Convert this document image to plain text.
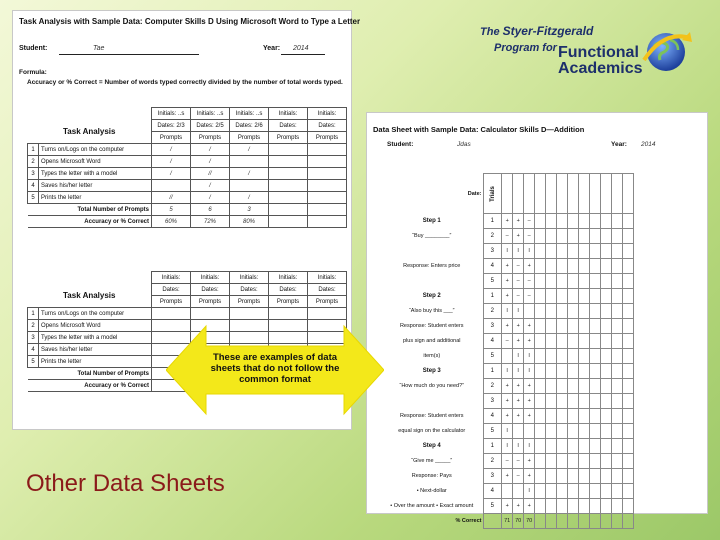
The Styer-Fitzgerald
Program for Functional
Academics
Task Analysis with Sample Data: Computer Skills D Using Microsoft Word to Type a Letter
Student:	Tae	Year: 2014
Formula:
Accuracy or % Correct = Number of words typed correctly divided by the number of total words typed.
		Initials: ..s	Initials: ..s	Initials: ..s	Initials:	Initials:
Task Analysis		Dates: 2/3	Dates: 2/5	Dates: 2/6	Dates:	Dates:
		Prompts	Prompts	Prompts	Prompts	Prompts
1	Turns on/Logs on the computer	/	/	/		
2	Opens Microsoft Word	/	/			
3	Types the letter with a model	/	//	/		
4	Saves his/her letter		/			
5	Prints the letter	//	/	/		
Total Number of Prompts		5	6	3		
Accuracy or % Correct		60%	72%	80%		
		Initials:	Initials:	Initials:	Initials:	Initials:
Task Analysis		Dates:	Dates:	Dates:	Dates:	Dates:
		Prompts	Prompts	Prompts	Prompts	Prompts
1	Turns on/Logs on the computer					
2	Opens Microsoft Word					
3	Types the letter with a model					
4	Saves his/her letter					
5	Prints the letter					
Total Number of Prompts						
Accuracy or % Correct						
Data Sheet with Sample Data: Calculator Skills D—Addition
Student:	Jdas	Year: 2014
Date:	Trials												
Step 1	1	+	+	–									
“Buy ________”	2	–	+	–									
	3	I	I	I									
Response: Enters price	4	+	–	+									
	5	+	–	–									
Step 2	1	+	–	–									
“Also buy this ___”	2	I	I										
Response: Student enters	3	+	+	+									
plus sign and additional	4	–	+	+									
item(s)	5		I	I									
Step 3	1	I	I	I									
“How much do you need?”	2	+	+	+									
	3	+	+	+									
Response: Student enters	4	+	+	+									
equal sign on the calculator	5	I											
Step 4	1	I	I	I									
“Give me _____”	2	–	–	+									
Response: Pays	3	+	–	+									
• Next-dollar	4			I									
• Over the amount • Exact amount	5	+	+	+									
% Correct		71	70	70									
These are examples of data sheets that do not follow the common format
Other Data Sheets
